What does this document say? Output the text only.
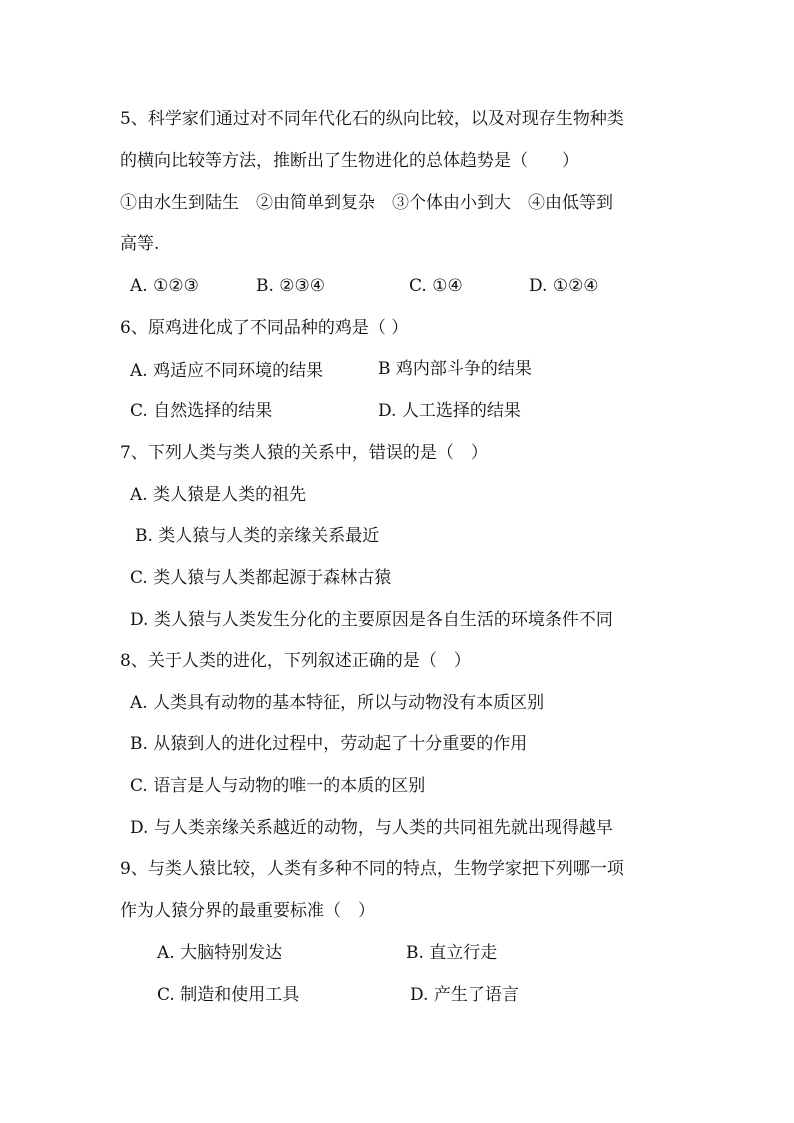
5、科学家们通过对不同年代化石的纵向比较，以及对现存生物种类
的横向比较等方法，推断出了生物进化的总体趋势是（　　）
①由水生到陆生　②由简单到复杂　③个体由小到大　④由低等到
高等.
A. ①②③	B. ②③④	C. ①④	D. ①②④
6、原鸡进化成了不同品种的鸡是（ ）
A. 鸡适应不同环境的结果	B 鸡内部斗争的结果
C. 自然选择的结果	D. 人工选择的结果
7、下列人类与类人猿的关系中，错误的是（　）
A. 类人猿是人类的祖先
B. 类人猿与人类的亲缘关系最近
C. 类人猿与人类都起源于森林古猿
D. 类人猿与人类发生分化的主要原因是各自生活的环境条件不同
8、关于人类的进化，下列叙述正确的是（　）
A. 人类具有动物的基本特征，所以与动物没有本质区别
B. 从猿到人的进化过程中，劳动起了十分重要的作用
C. 语言是人与动物的唯一的本质的区别
D. 与人类亲缘关系越近的动物，与人类的共同祖先就出现得越早
9、与类人猿比较，人类有多种不同的特点，生物学家把下列哪一项
作为人猿分界的最重要标准（　）
A. 大脑特别发达	B. 直立行走
C. 制造和使用工具	D. 产生了语言
